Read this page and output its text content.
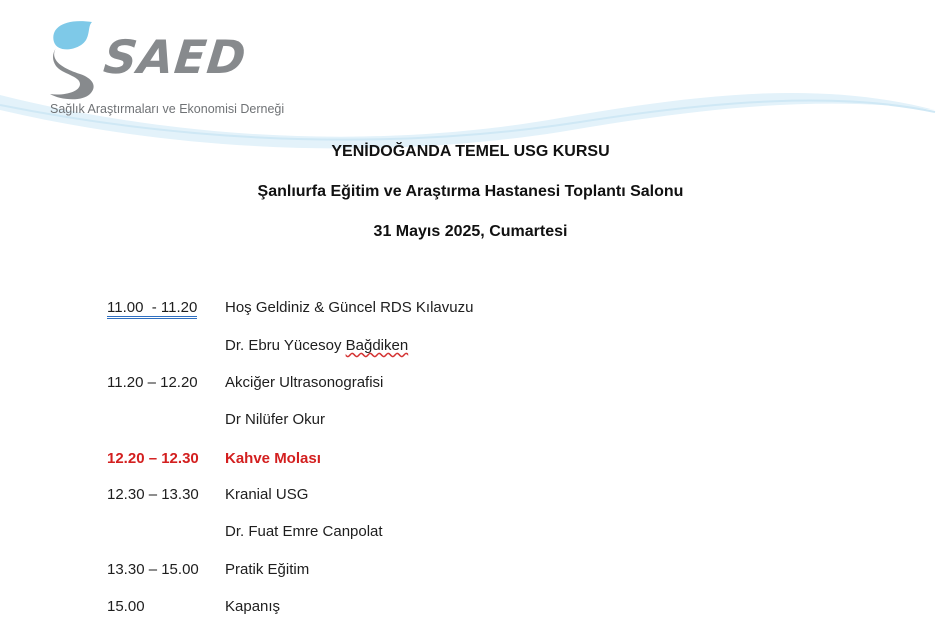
SAED
Sağlık Araştırmaları ve Ekonomisi Derneği
YENİDOĞANDA TEMEL USG KURSU
Şanlıurfa Eğitim ve Araştırma Hastanesi Toplantı Salonu
31 Mayıs 2025, Cumartesi
11.00  - 11.20 Hoş Geldiniz & Güncel RDS Kılavuzu
Dr. Ebru Yücesoy Bağdiken
11.20 – 12.20 Akciğer Ultrasonografisi
Dr Nilüfer Okur
12.20 – 12.30 Kahve Molası
12.30 – 13.30 Kranial USG
Dr. Fuat Emre Canpolat
13.30 – 15.00 Pratik Eğitim
15.00	Kapanış
